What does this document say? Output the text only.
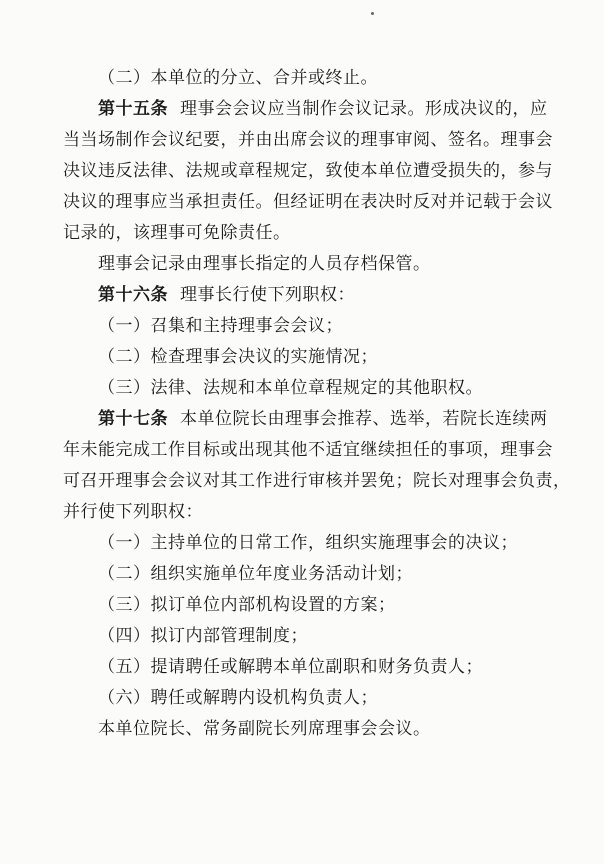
（二）本单位的分立、合并或终止。

第十五条 理事会会议应当制作会议记录。形成决议的，应

当当场制作会议纪要，并由出席会议的理事审阅、签名。理事会

决议违反法律、法规或章程规定，致使本单位遭受损失的，参与

决议的理事应当承担责任。但经证明在表决时反对并记载于会议

记录的，该理事可免除责任。

理事会记录由理事长指定的人员存档保管。

第十六条 理事长行使下列职权：

（一）召集和主持理事会会议；

（二）检查理事会决议的实施情况；

（三）法律、法规和本单位章程规定的其他职权。

第十七条 本单位院长由理事会推荐、选举，若院长连续两

年未能完成工作目标或出现其他不适宜继续担任的事项，理事会

可召开理事会会议对其工作进行审核并罢免；院长对理事会负责，

并行使下列职权：

（一）主持单位的日常工作，组织实施理事会的决议；

（二）组织实施单位年度业务活动计划；

（三）拟订单位内部机构设置的方案；

（四）拟订内部管理制度；

（五）提请聘任或解聘本单位副职和财务负责人；

（六）聘任或解聘内设机构负责人；

本单位院长、常务副院长列席理事会会议。
